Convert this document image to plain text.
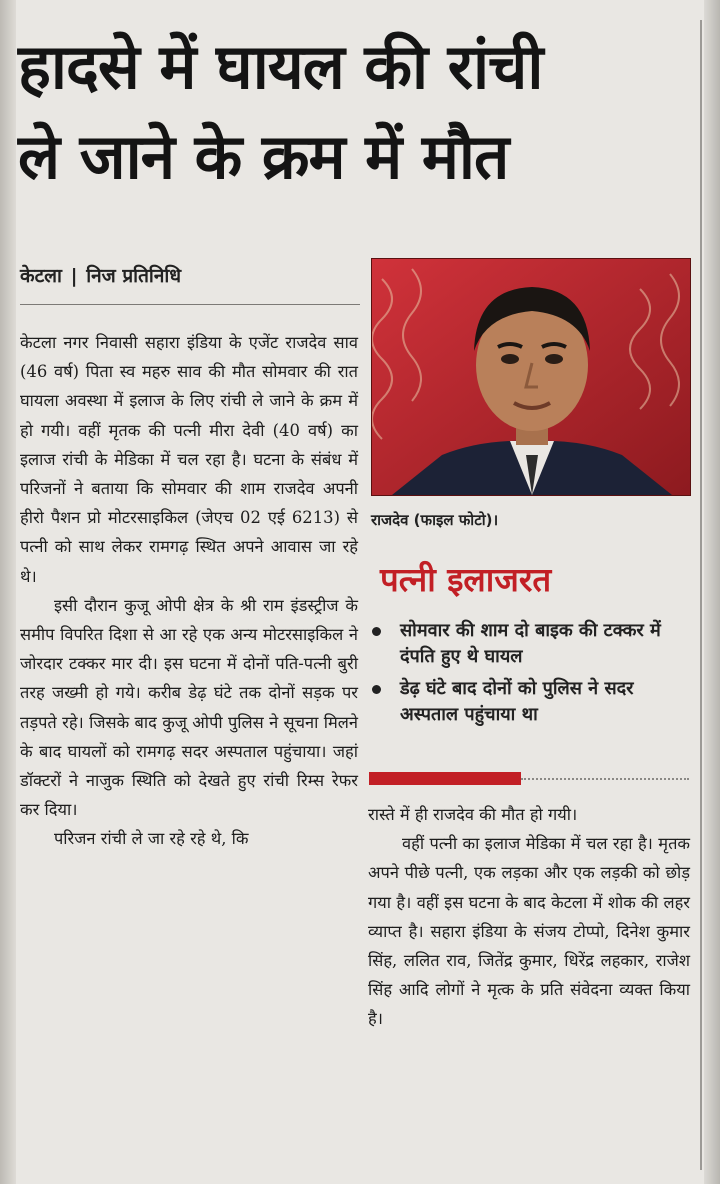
हादसे में घायल की रांची
ले जाने के क्रम में मौत
केटला | निज प्रतिनिधि
राजदेव (फाइल फोटो)।
पत्नी इलाजरत
सोमवार की शाम दो बाइक की टक्कर में दंपति हुए थे घायल
डेढ़ घंटे बाद दोनों को पुलिस ने सदर अस्पताल पहुंचाया था

केटला नगर निवासी सहारा इंडिया के एजेंट राजदेव साव (46 वर्ष) पिता स्व महरु साव की मौत सोमवार की रात घायला अवस्था में इलाज के लिए रांची ले जाने के क्रम में हो गयी। वहीं मृतक की पत्नी मीरा देवी (40 वर्ष) का इलाज रांची के मेडिका में चल रहा है। घटना के संबंध में परिजनों ने बताया कि सोमवार की शाम राजदेव अपनी हीरो पैशन प्रो मोटरसाइकिल (जेएच 02 एई 6213) से पत्नी को साथ लेकर रामगढ़ स्थित अपने आवास जा रहे थे।

इसी दौरान कुजू ओपी क्षेत्र के श्री राम इंडस्ट्रीज के समीप विपरित दिशा से आ रहे एक अन्य मोटरसाइकिल ने जोरदार टक्कर मार दी। इस घटना में दोनों पति-पत्नी बुरी तरह जख्मी हो गये। करीब डेढ़ घंटे तक दोनों सड़क पर तड़पते रहे। जिसके बाद कुजू ओपी पुलिस ने सूचना मिलने के बाद घायलों को रामगढ़ सदर अस्पताल पहुंचाया। जहां डॉक्टरों ने नाजुक स्थिति को देखते हुए रांची रिम्स रेफर कर दिया।

परिजन रांची ले जा रहे रहे थे, कि

रास्ते में ही राजदेव की मौत हो गयी।

वहीं पत्नी का इलाज मेडिका में चल रहा है। मृतक अपने पीछे पत्नी, एक लड़का और एक लड़की को छोड़ गया है। वहीं इस घटना के बाद केटला में शोक की लहर व्याप्त है। सहारा इंडिया के संजय टोप्पो, दिनेश कुमार सिंह, ललित राव, जितेंद्र कुमार, धिरेंद्र लहकार, राजेश सिंह आदि लोगों ने मृत्क के प्रति संवेदना व्यक्त किया है।
